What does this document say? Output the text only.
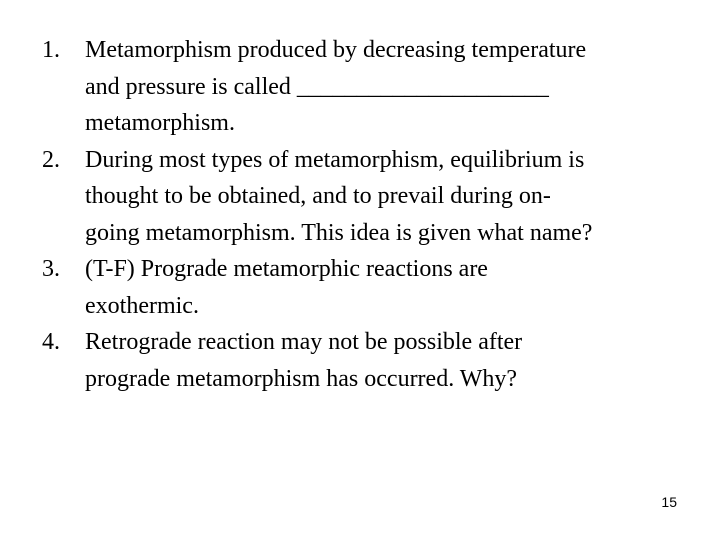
1. Metamorphism produced by decreasing temperature
and pressure is called _____________________
metamorphism.
2. During most types of metamorphism, equilibrium is
thought to be obtained, and to prevail during on-
going metamorphism. This idea is given what name?
3. (T-F) Prograde metamorphic reactions are
exothermic.
4. Retrograde reaction may not be possible after
prograde metamorphism has occurred. Why?
15
